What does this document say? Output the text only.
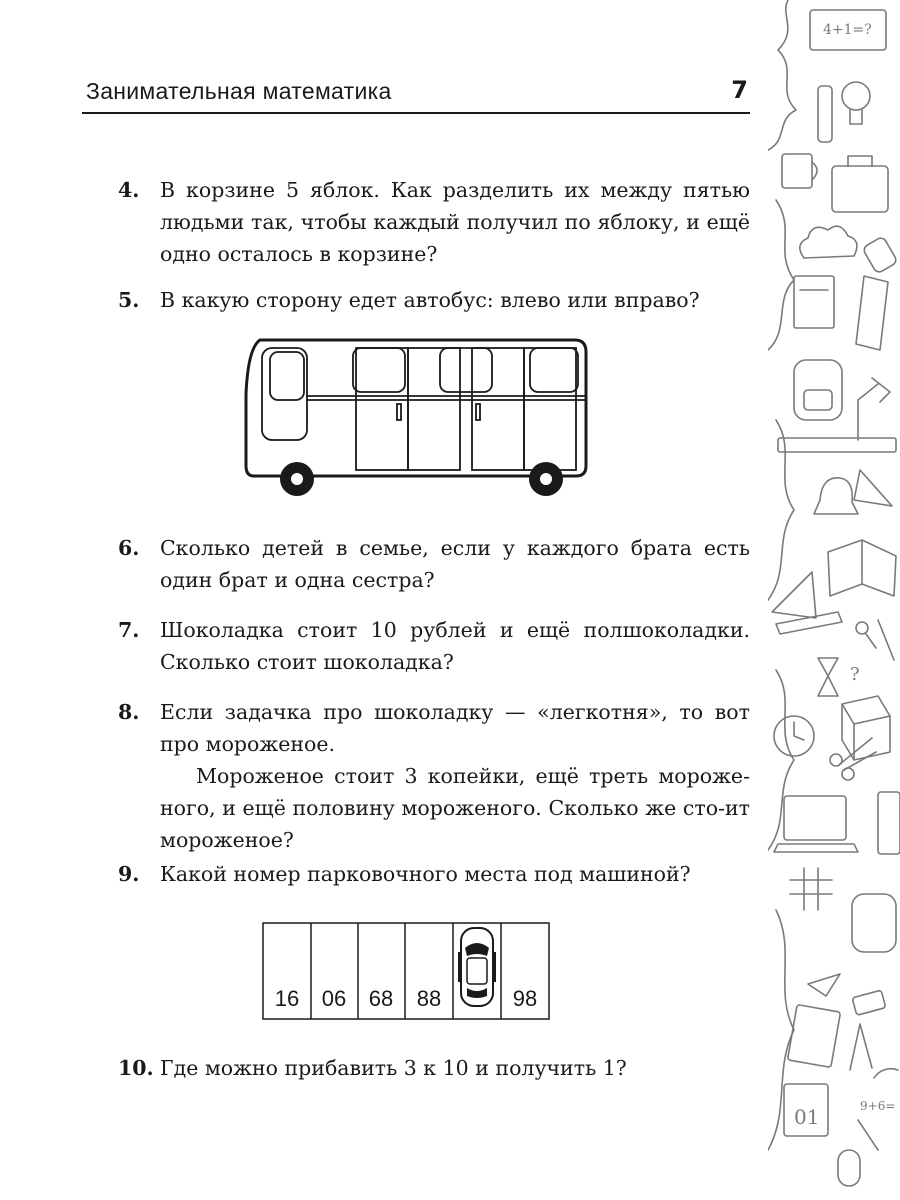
Занимательная математика	7
4. В корзине 5 яблок. Как разделить их между пятью людьми так, чтобы каждый получил по яблоку, и ещё одно осталось в корзине?
5. В какую сторону едет автобус: влево или вправо?
6. Сколько детей в семье, если у каждого брата есть один брат и одна сестра?
7. Шоколадка стоит 10 рублей и ещё полшоколадки. Сколько стоит шоколадка?
8. Если задачка про шоколадку — «легкотня», то вот про мороженое.
Мороженое стоит 3 копейки, ещё треть мороже-ного, и ещё половину мороженого. Сколько же сто-ит мороженое?
9. Какой номер парковочного места под машиной?
16 06 68 88	98
10. Где можно прибавить 3 к 10 и получить 1?
4+1=?
?
01	9+6=
